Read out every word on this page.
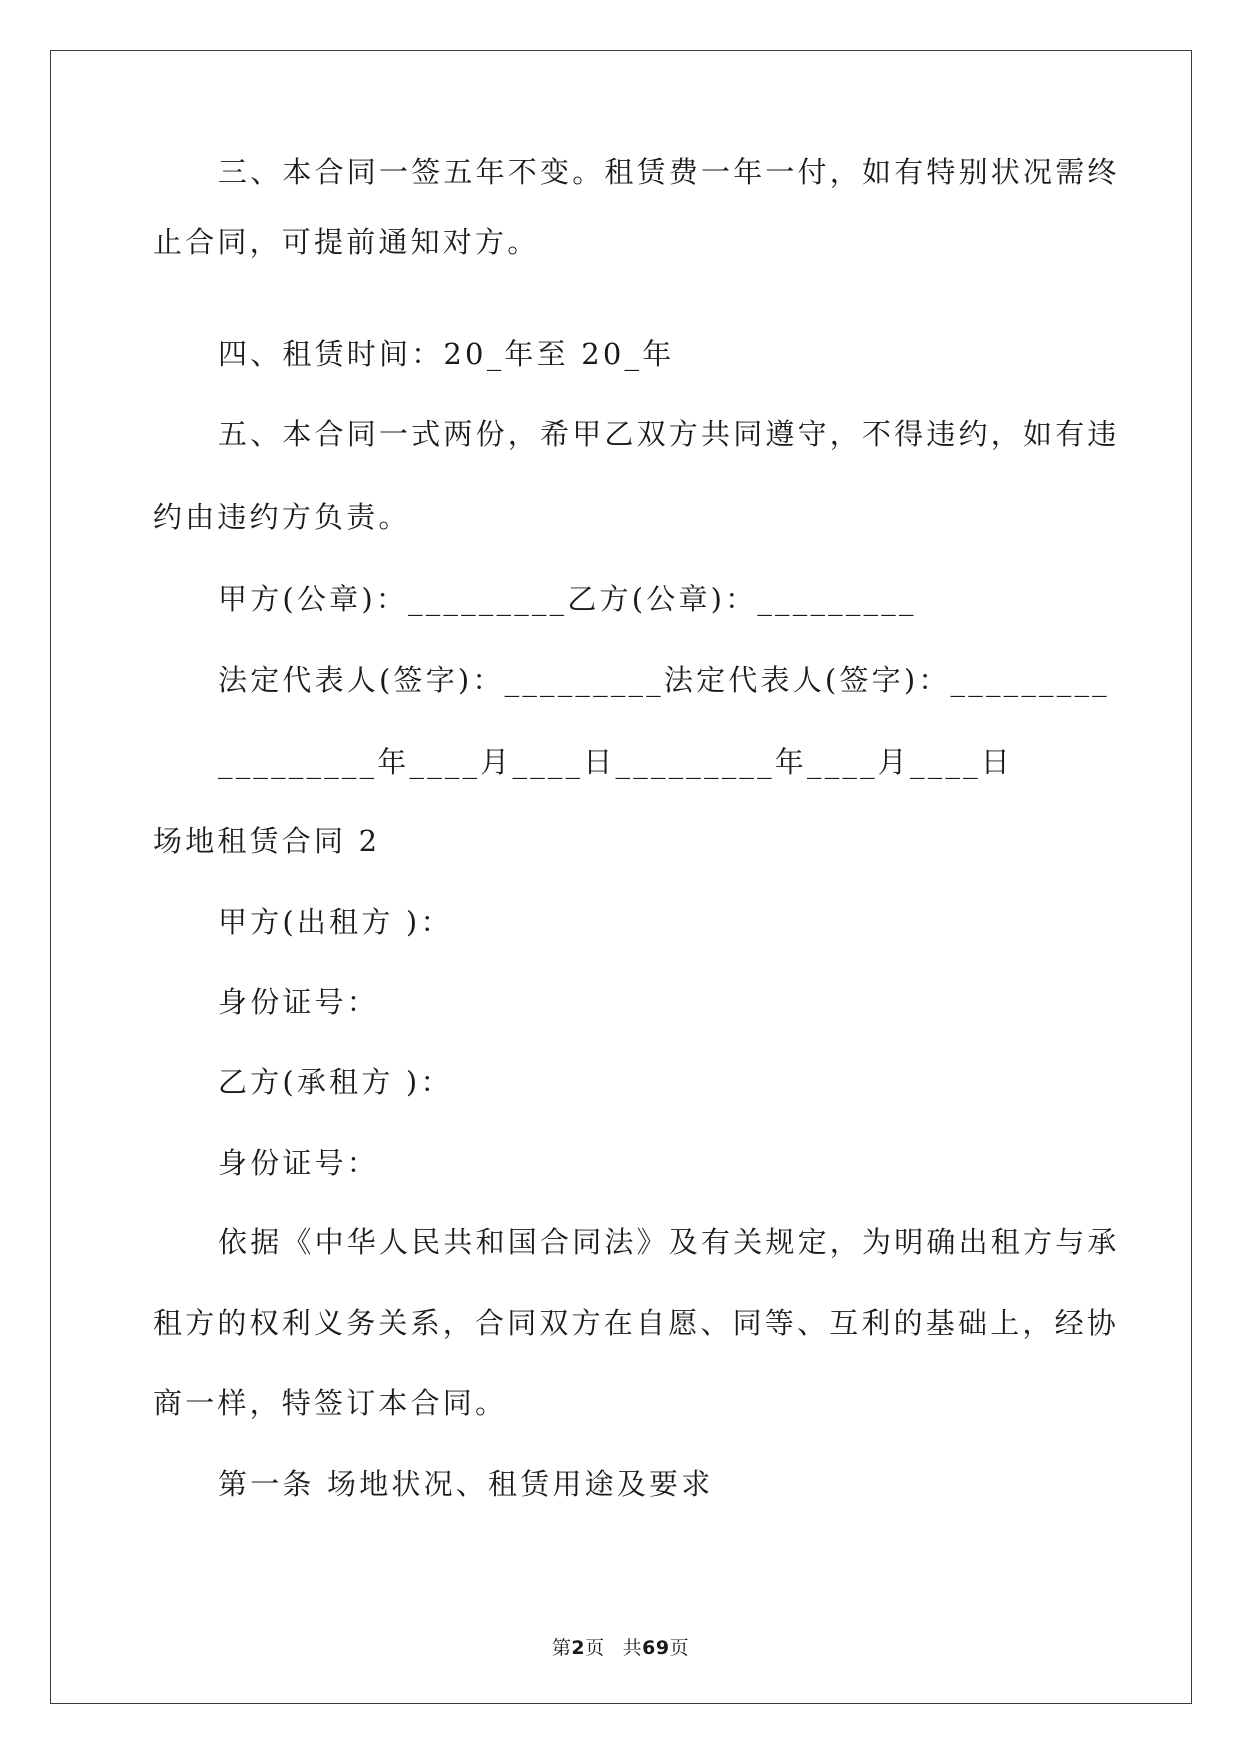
三、本合同一签五年不变。租赁费一年一付，如有特别状况需终
止合同，可提前通知对方。
四、租赁时间：20_年至 20_年
五、本合同一式两份，希甲乙双方共同遵守，不得违约，如有违
约由违约方负责。
甲方(公章)：_________乙方(公章)：_________
法定代表人(签字)：_________法定代表人(签字)：_________
_________年____月____日_________年____月____日
场地租赁合同 2
甲方(出租方 )：
身份证号：
乙方(承租方 )：
身份证号：
依据《中华人民共和国合同法》及有关规定，为明确出租方与承
租方的权利义务关系，合同双方在自愿、同等、互利的基础上，经协
商一样，特签订本合同。
第一条 场地状况、租赁用途及要求
第2页 共69页
